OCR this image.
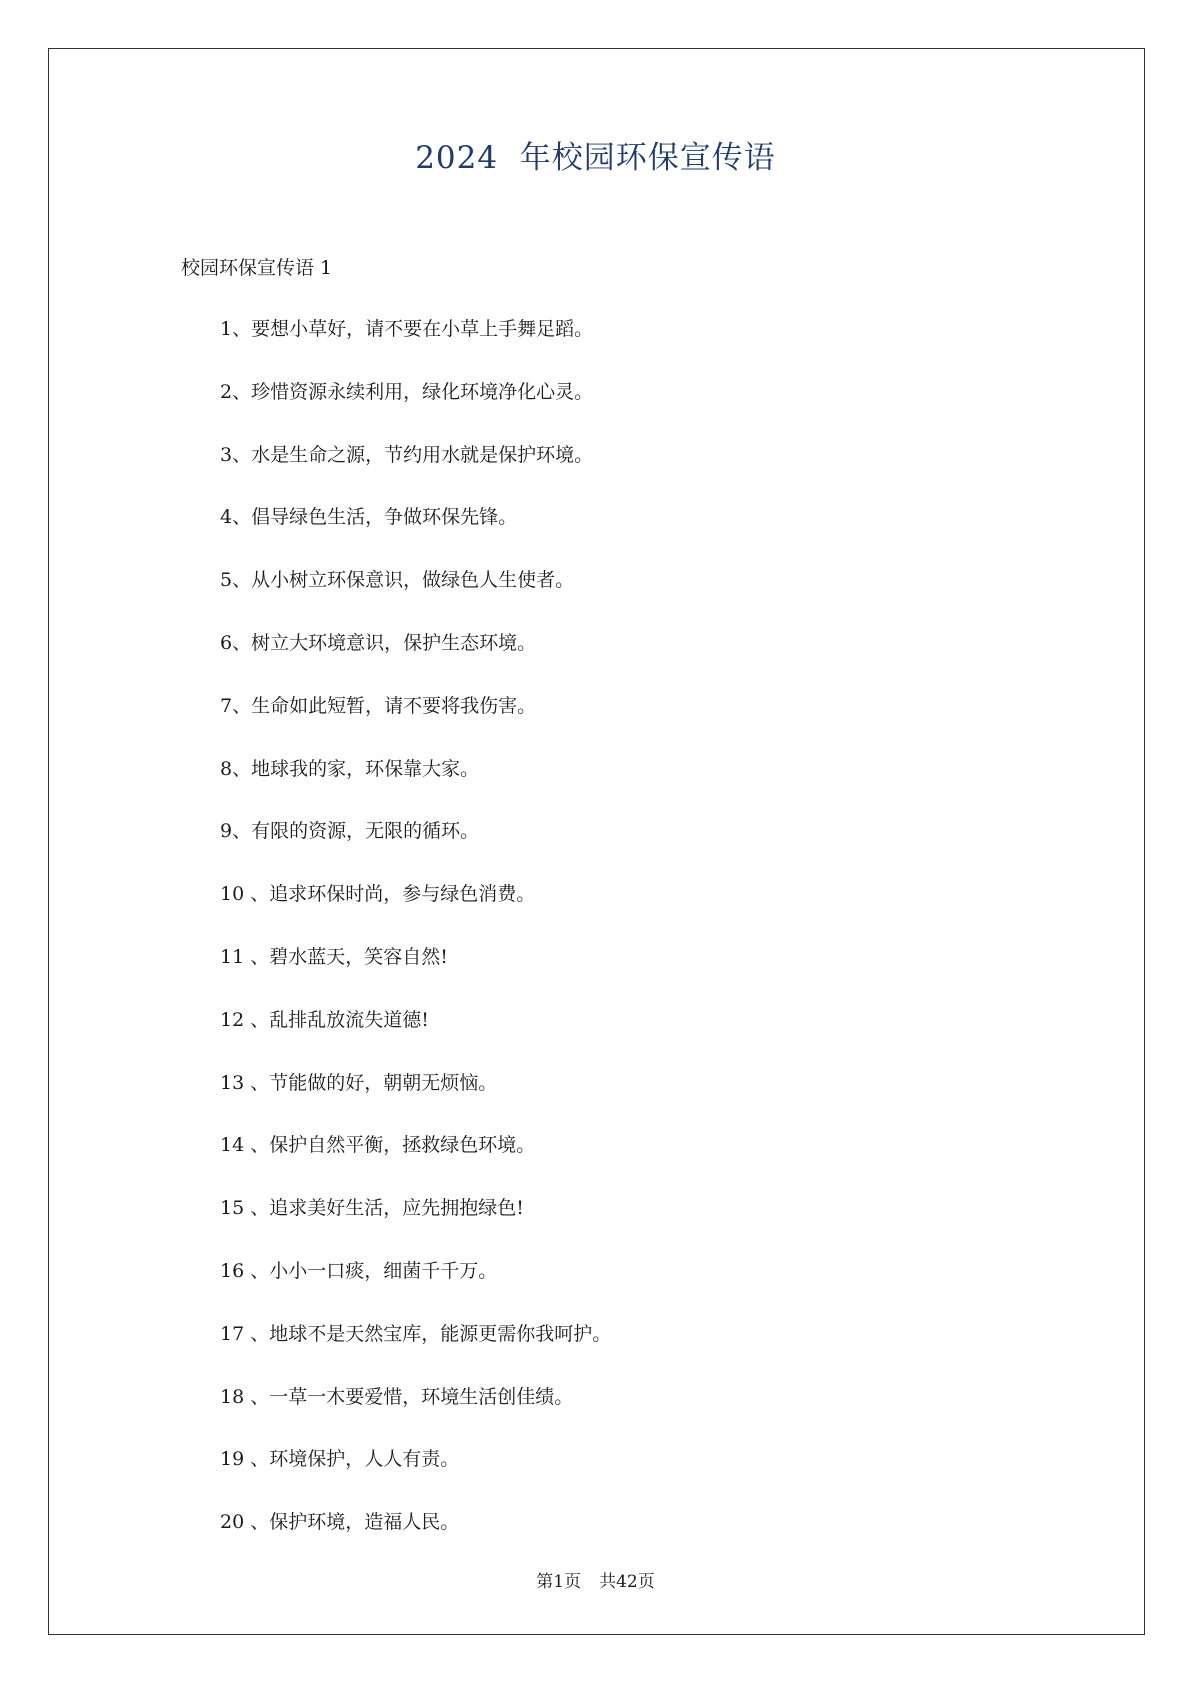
2024  年校园环保宣传语
校园环保宣传语 1
1、要想小草好，请不要在小草上手舞足蹈。
2、珍惜资源永续利用，绿化环境净化心灵。
3、水是生命之源，节约用水就是保护环境。
4、倡导绿色生活，争做环保先锋。
5、从小树立环保意识，做绿色人生使者。
6、树立大环境意识，保护生态环境。
7、生命如此短暂，请不要将我伤害。
8、地球我的家，环保靠大家。
9、有限的资源，无限的循环。
10 、追求环保时尚，参与绿色消费。
11 、碧水蓝天，笑容自然!
12 、乱排乱放流失道德!
13 、节能做的好，朝朝无烦恼。
14 、保护自然平衡，拯救绿色环境。
15 、追求美好生活，应先拥抱绿色!
16 、小小一口痰，细菌千千万。
17 、地球不是天然宝库，能源更需你我呵护。
18 、一草一木要爱惜，环境生活创佳绩。
19 、环境保护，人人有责。
20 、保护环境，造福人民。
第1页 共42页
